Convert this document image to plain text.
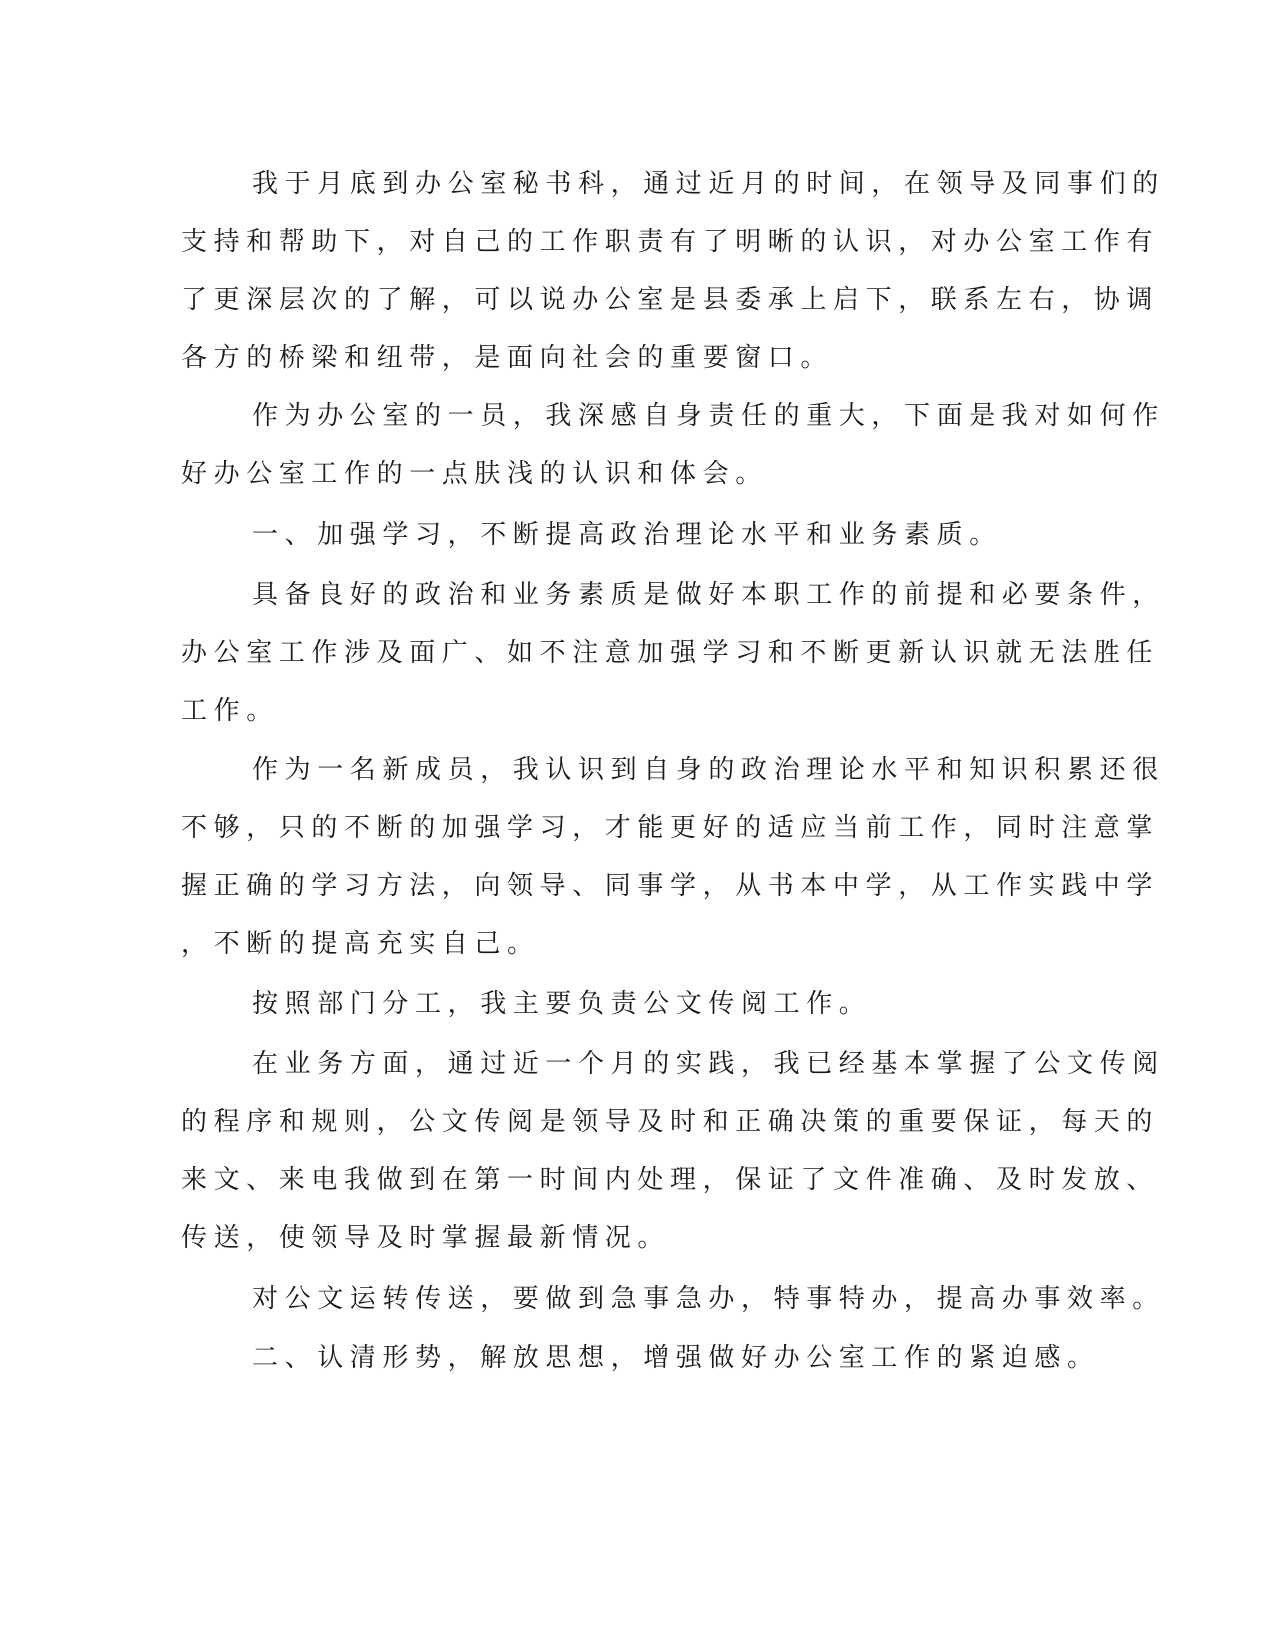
我于月底到办公室秘书科，通过近月的时间，在领导及同事们的
支持和帮助下，对自己的工作职责有了明晰的认识，对办公室工作有
了更深层次的了解，可以说办公室是县委承上启下，联系左右，协调
各方的桥梁和纽带，是面向社会的重要窗口。
作为办公室的一员，我深感自身责任的重大，下面是我对如何作
好办公室工作的一点肤浅的认识和体会。
一、加强学习，不断提高政治理论水平和业务素质。
具备良好的政治和业务素质是做好本职工作的前提和必要条件，
办公室工作涉及面广、如不注意加强学习和不断更新认识就无法胜任
工作。
作为一名新成员，我认识到自身的政治理论水平和知识积累还很
不够，只的不断的加强学习，才能更好的适应当前工作，同时注意掌
握正确的学习方法，向领导、同事学，从书本中学，从工作实践中学
，不断的提高充实自己。
按照部门分工，我主要负责公文传阅工作。
在业务方面，通过近一个月的实践，我已经基本掌握了公文传阅
的程序和规则，公文传阅是领导及时和正确决策的重要保证，每天的
来文、来电我做到在第一时间内处理，保证了文件准确、及时发放、
传送，使领导及时掌握最新情况。
对公文运转传送，要做到急事急办，特事特办，提高办事效率。
二、认清形势，解放思想，增强做好办公室工作的紧迫感。
